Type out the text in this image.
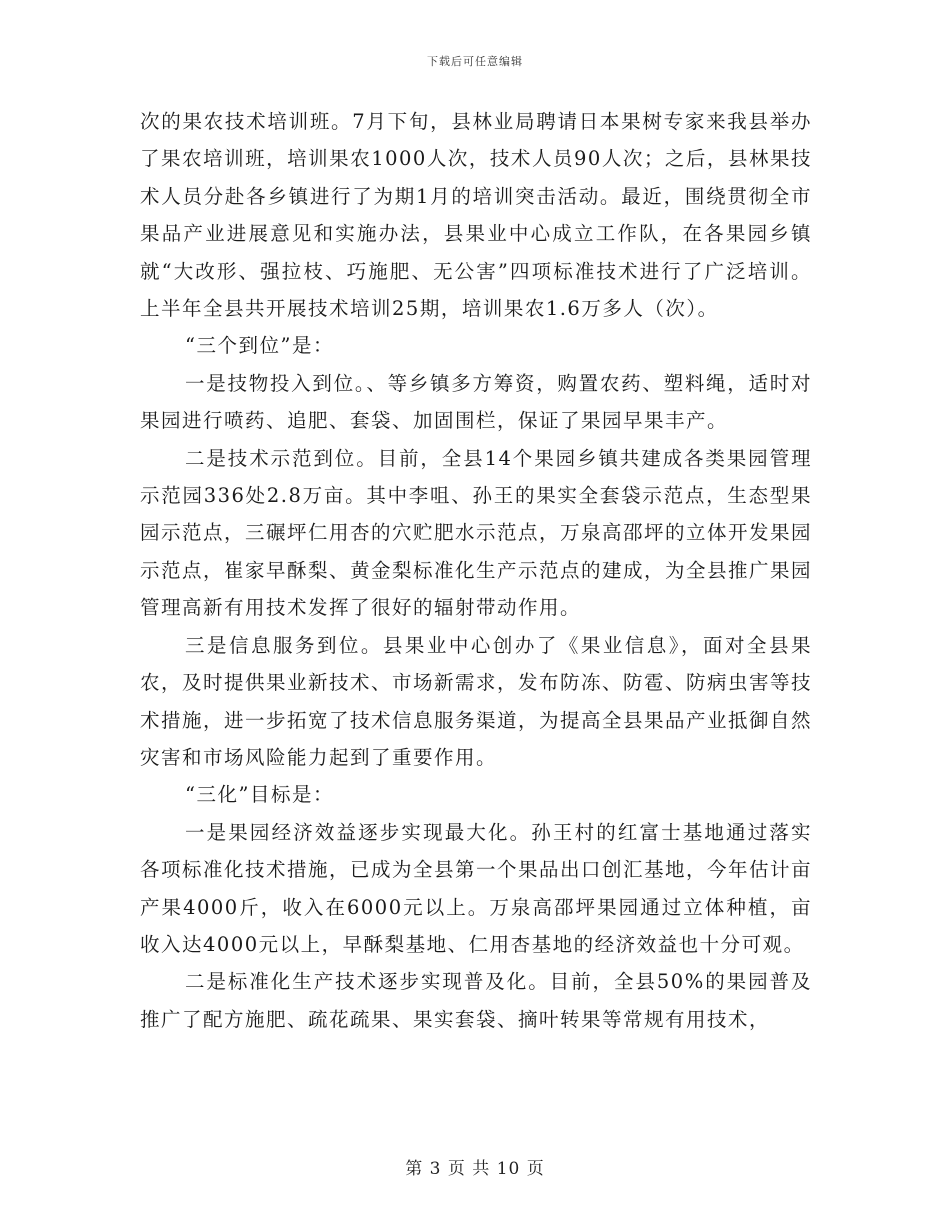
下载后可任意编辑

次的果农技术培训班。7月下旬，县林业局聘请日本果树专家来我县举办了果农培训班，培训果农1000人次，技术人员90人次；之后，县林果技术人员分赴各乡镇进行了为期1月的培训突击活动。最近，围绕贯彻全市果品产业进展意见和实施办法，县果业中心成立工作队，在各果园乡镇就“大改形、强拉枝、巧施肥、无公害”四项标准技术进行了广泛培训。上半年全县共开展技术培训25期，培训果农1.6万多人（次）。

“三个到位”是：

一是技物投入到位。、等乡镇多方筹资，购置农药、塑料绳，适时对果园进行喷药、追肥、套袋、加固围栏，保证了果园早果丰产。

二是技术示范到位。目前，全县14个果园乡镇共建成各类果园管理示范园336处2.8万亩。其中李咀、孙王的果实全套袋示范点，生态型果园示范点，三碾坪仁用杏的穴贮肥水示范点，万泉高邵坪的立体开发果园示范点，崔家早酥梨、黄金梨标准化生产示范点的建成，为全县推广果园管理高新有用技术发挥了很好的辐射带动作用。

三是信息服务到位。县果业中心创办了《果业信息》，面对全县果农，及时提供果业新技术、市场新需求，发布防冻、防雹、防病虫害等技术措施，进一步拓宽了技术信息服务渠道，为提高全县果品产业抵御自然灾害和市场风险能力起到了重要作用。

“三化”目标是：

一是果园经济效益逐步实现最大化。孙王村的红富士基地通过落实各项标准化技术措施，已成为全县第一个果品出口创汇基地，今年估计亩产果4000斤，收入在6000元以上。万泉高邵坪果园通过立体种植，亩收入达4000元以上，早酥梨基地、仁用杏基地的经济效益也十分可观。

二是标准化生产技术逐步实现普及化。目前，全县50%的果园普及推广了配方施肥、疏花疏果、果实套袋、摘叶转果等常规有用技术，

第 3 页 共 10 页
